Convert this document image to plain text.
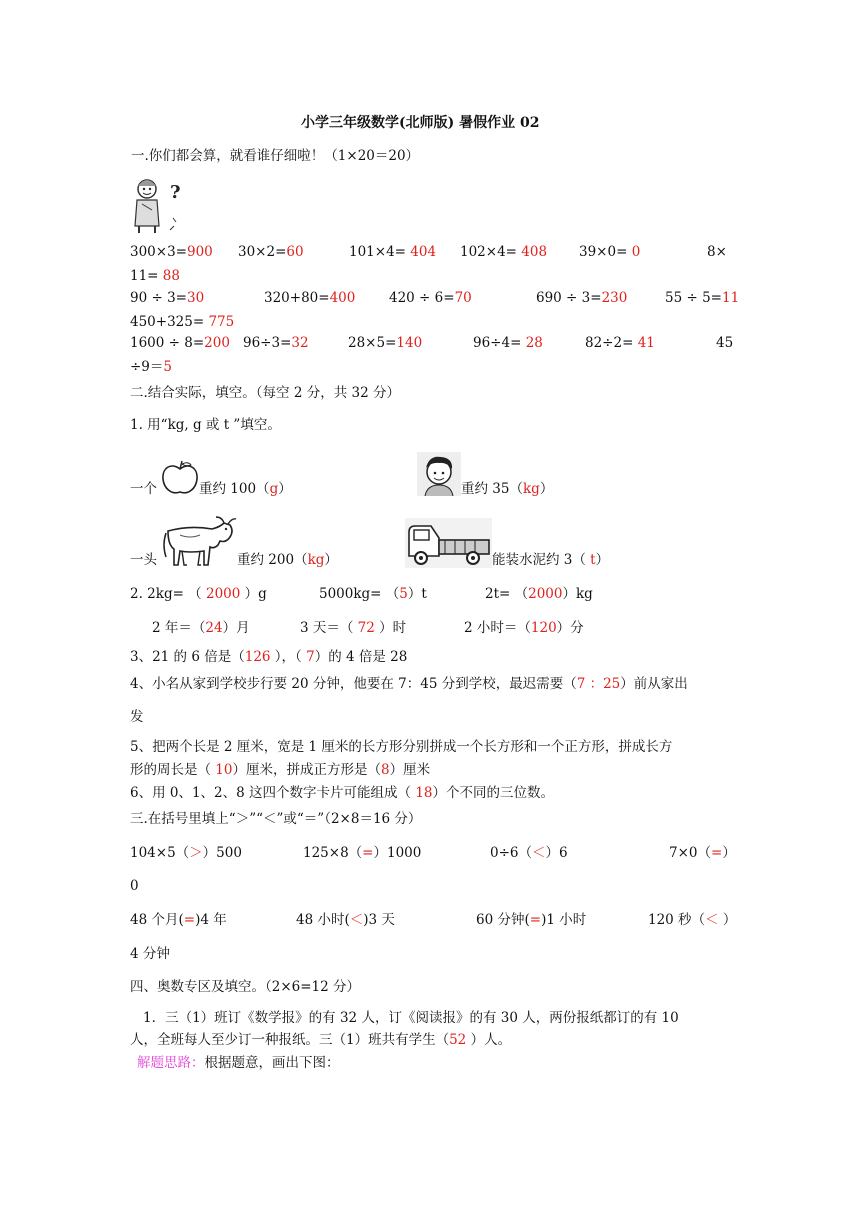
小学三年级数学(北师版) 暑假作业 02
一.你们都会算，就看谁仔细啦！（1×20＝20）
?
300×3=900 30×2=60	101×4= 404 102×4= 408 39×0= 0	8×
11= 88
90 ÷ 3=30	320+80=400 420 ÷ 6=70	690 ÷ 3=230	55 ÷ 5=11
450+325= 775
1600 ÷ 8=200 96÷3=32	28×5=140	96÷4= 28	82÷2= 41	45
÷9＝5
二.结合实际，填空。（每空 2 分，共 32 分）
1. 用“kg, g 或 t ”填空。
一个	重约 100（g）	重约 35（kg）
一头	重约 200（kg）	能装水泥约 3（ t）
2. 2kg= （ 2000 ）g	5000kg= （5）t	2t= （2000）kg
2 年＝（24）月	3 天＝（ 72 ）时	2 小时＝（120）分
3、21 的 6 倍是（126 ），（ 7）的 4 倍是 28
4、小名从家到学校步行要 20 分钟，他要在 7：45 分到学校，最迟需要（7 ：25）前从家出
发
5、把两个长是 2 厘米，宽是 1 厘米的长方形分别拼成一个长方形和一个正方形，拼成长方
形的周长是（ 10）厘米，拼成正方形是（8）厘米
6、用 0、1、2、8 这四个数字卡片可能组成（ 18）个不同的三位数。
三.在括号里填上“＞”“＜”或“＝”（2×8＝16 分）
104×5（＞）500	125×8（=）1000	0÷6（＜）6	7×0（=）
0
48 个月(=)4 年	48 小时(＜)3 天	60 分钟(=)1 小时	120 秒（＜ ）
4 分钟
四、奥数专区及填空。（2×6=12 分）
1．三（1）班订《数学报》的有 32 人，订《阅读报》的有 30 人，两份报纸都订的有 10
人，全班每人至少订一种报纸。三（1）班共有学生（52 ）人。
解题思路：根据题意，画出下图：
